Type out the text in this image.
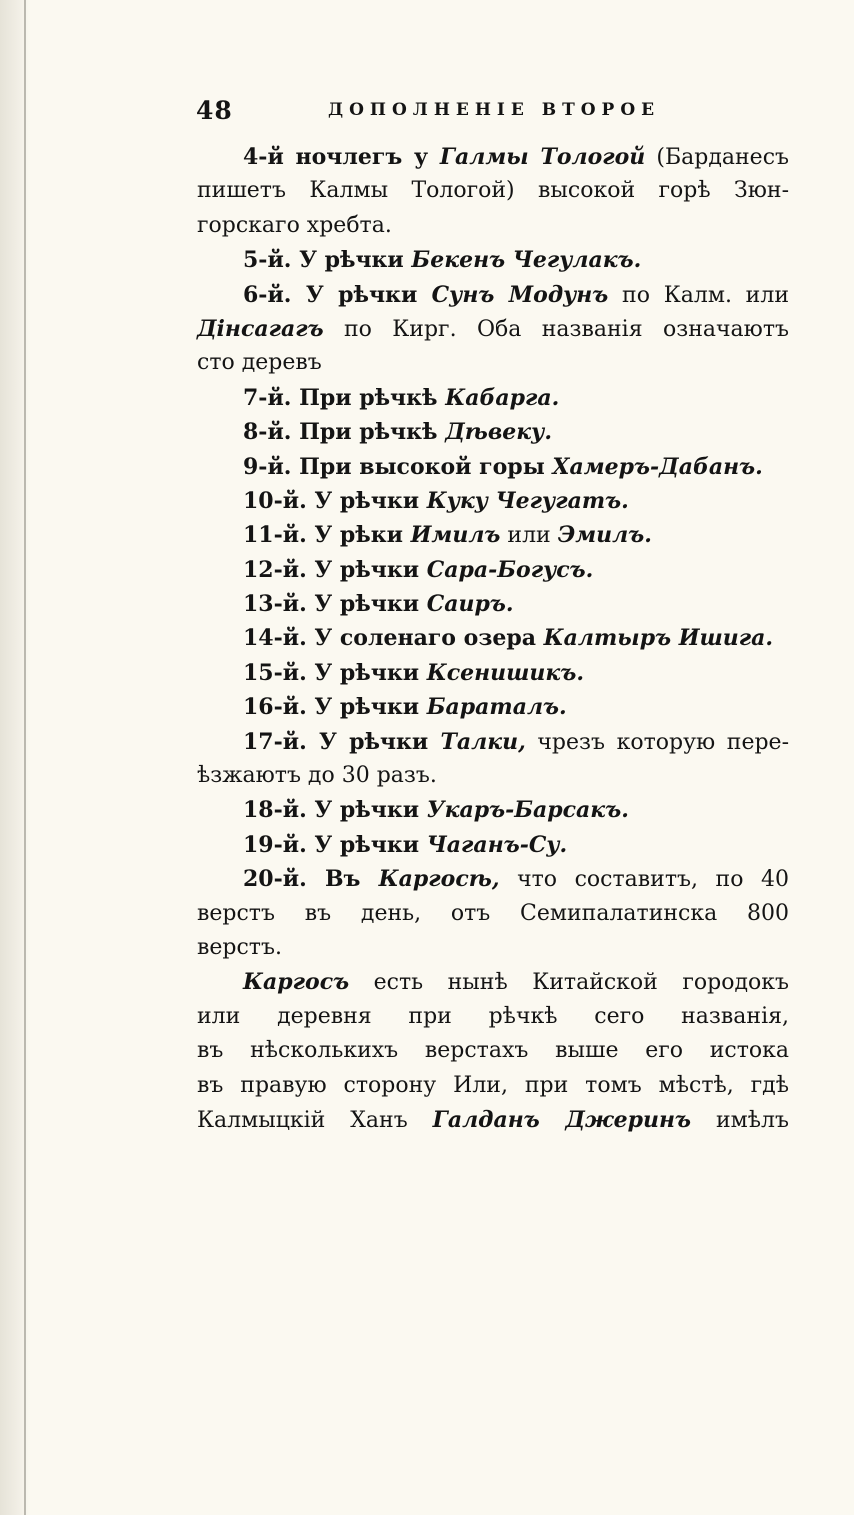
48	ДОПОЛНЕНІЕ ВТОРОЕ
4-й ночлегъ у Галмы Тологой (Барданесъ
пишетъ Калмы Тологой) высокой горѣ Зюн-
горскаго хребта.
5-й. У рѣчки Бекенъ Чегулакъ.
6-й. У рѣчки Сунъ Модунъ по Калм. или
Дінсагагъ по Кирг. Оба названія означаютъ
сто деревъ
7-й. При рѣчкѣ Кабарга.
8-й. При рѣчкѣ Дѣвеку.
9-й. При высокой горы Хамеръ-Дабанъ.
10-й. У рѣчки Куку Чегугатъ.
11-й. У рѣки Имилъ или Эмилъ.
12-й. У рѣчки Сара-Богусъ.
13-й. У рѣчки Саиръ.
14-й. У соленаго озера Калтыръ Ишига.
15-й. У рѣчки Ксенишикъ.
16-й. У рѣчки Бараталъ.
17-й. У рѣчки Талки, чрезъ которую пере-
ѣзжаютъ до 30 разъ.
18-й. У рѣчки Укаръ-Барсакъ.
19-й. У рѣчки Чаганъ-Су.
20-й. Въ Каргосѣ, что составитъ, по 40
верстъ въ день, отъ Семипалатинска 800
верстъ.
Каргосъ есть нынѣ Китайской городокъ
или деревня при рѣчкѣ сего названія,
въ нѣсколькихъ верстахъ выше его истока
въ правую сторону Или, при томъ мѣстѣ, гдѣ
Калмыцкій Ханъ Галданъ Джеринъ имѣлъ
